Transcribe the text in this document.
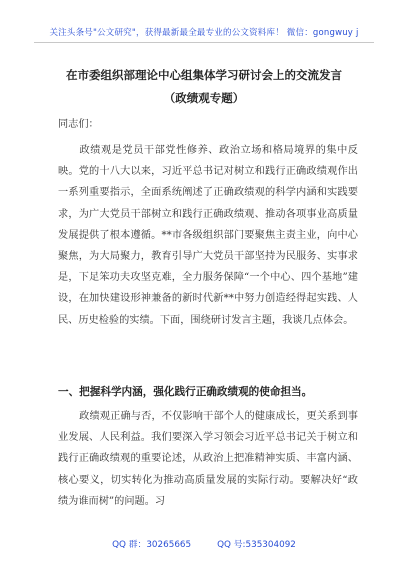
关注头条号"公文研究"，获得最新最全最专业的公文资料库！ 微信：gongwuy j
在市委组织部理论中心组集体学习研讨会上的交流发言
（政绩观专题）
同志们：
政绩观是党员干部党性修养、政治立场和格局境界的集中反映。党的十八大以来，习近平总书记对树立和践行正确政绩观作出一系列重要指示，全面系统阐述了正确政绩观的科学内涵和实践要求，为广大党员干部树立和践行正确政绩观、推动各项事业高质量发展提供了根本遵循。**市各级组织部门要聚焦主责主业，向中心聚焦，为大局聚力，教育引导广大党员干部坚持为民服务、实事求是，下足笨功夫攻坚克难，全力服务保障“一个中心、四个基地”建设，在加快建设形神兼备的新时代新**中努力创造经得起实践、人民、历史检验的实绩。下面，围绕研讨发言主题，我谈几点体会。
一、把握科学内涵，强化践行正确政绩观的使命担当。
政绩观正确与否，不仅影响干部个人的健康成长，更关系到事业发展、人民利益。我们要深入学习领会习近平总书记关于树立和践行正确政绩观的重要论述，从政治上把准精神实质、丰富内涵、核心要义，切实转化为推动高质量发展的实际行动。要解决好“政绩为谁而树”的问题。习
QQ 群：30265665	QQ 号:535304092
